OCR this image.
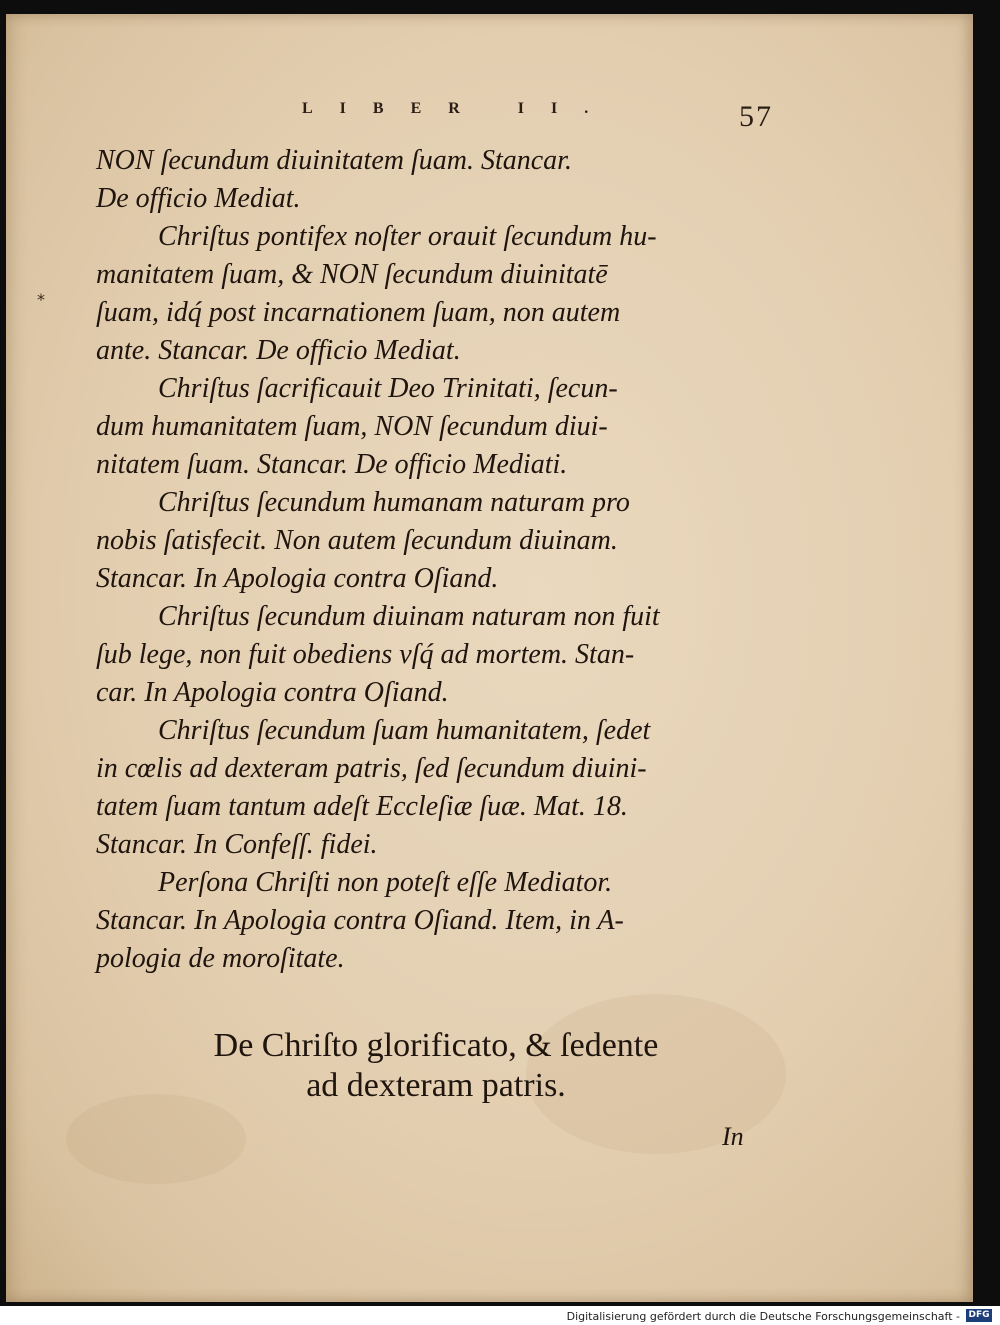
LIBER II.	57
*
NON ſecundum diuinitatem ſuam. Stancar.
De officio Mediat.
Chriſtus pontifex noſter orauit ſecundum hu-
manitatem ſuam, & NON ſecundum diuinitatē
ſuam, idq́ post incarnationem ſuam, non autem
ante. Stancar. De officio Mediat.
Chriſtus ſacrificauit Deo Trinitati, ſecun-
dum humanitatem ſuam, NON ſecundum diui-
nitatem ſuam. Stancar. De officio Mediati.
Chriſtus ſecundum humanam naturam pro
nobis ſatisfecit. Non autem ſecundum diuinam.
Stancar. In Apologia contra Oſiand.
Chriſtus ſecundum diuinam naturam non fuit
ſub lege, non fuit obediens vſq́ ad mortem. Stan-
car. In Apologia contra Oſiand.
Chriſtus ſecundum ſuam humanitatem, ſedet
in cœlis ad dexteram patris, ſed ſecundum diuini-
tatem ſuam tantum adeſt Eccleſiæ ſuæ. Mat. 18.
Stancar. In Confeſſ. fidei.
Perſona Chriſti non poteſt eſſe Mediator.
Stancar. In Apologia contra Oſiand. Item, in A-
pologia de moroſitate.
De Chriſto glorificato, & ſedente
ad dexteram patris.
In
Digitalisierung gefördert durch die Deutsche Forschungsgemeinschaft - DFG
